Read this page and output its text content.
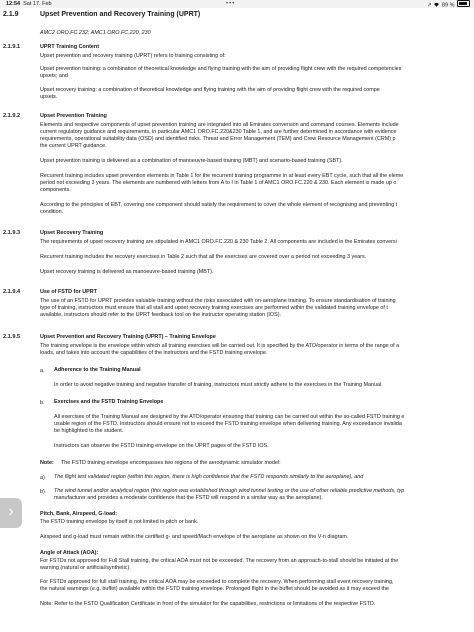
12:54 Sat 17. Feb	•••	➚ 89 %
2.1.9	Upset Prevention and Recovery Training (UPRT)
AMC2 ORO.FC.232; AMC1 ORO.FC.220, 230
2.1.9.1	UPRT Training Content
Upset prevention and recovery training (UPRT) refers to training consisting of:
Upset prevention training: a combination of theoretical knowledge and flying training with the aim of providing flight crew with the required competencies
upsets; and
Upset recovery training: a combination of theoretical knowledge and flying training with the aim of providing flight crew with the required compe
upsets.
2.1.9.2	Upset Prevention Training
Elements and respective components of upset prevention training are integrated into all Emirates conversion and command courses. Elements include
current regulatory guidance and requirements, in particular AMC1 ORO.FC.220&230 Table 1, and are further determined in accordance with evidence
requirements, operational suitability data (OSD) and identified risks. Threat and Error Management (TEM) and Crew Resource Management (CRM) p
the current UPRT guidance.
Upset prevention training is delivered as a combination of manoeuvre-based training (MBT) and scenario-based training (SBT).
Recurrent training includes upset prevention elements in Table 1 for the recurrent training programme in at least every EBT cycle, such that all the eleme
period not exceeding 3 years. The elements are numbered with letters from A to I in Table 1 of AMC1 ORO.FC.220 & 230. Each element is made up o
components.
According to the principles of EBT, covering one component should satisfy the requirement to cover the whole element of recognising and preventing t
condition.
2.1.9.3	Upset Recovery Training
The requirements of upset recovery training are stipulated in AMC1 ORO.FC.220 & 230 Table 2. All components are included in the Emirates conversi
Recurrent training includes the recovery exercises in Table 2 such that all the exercises are covered over a period not exceeding 3 years.
Upset recovery training is delivered as manoeuvre-based training (MBT).
2.1.9.4	Use of FSTD for UPRT
The use of an FSTD for UPRT provides valuable training without the risks associated with on-aeroplane training. To ensure standardisation of training
type of training, instructors must ensure that all stall and upset recovery training exercises are performed within the validated training envelope of t
available, instructors should refer to the UPRT feedback tool on the instructor operating station (IOS).
2.1.9.5	Upset Prevention and Recovery Training (UPRT) – Training Envelope
The training envelope is the envelope within which all training exercises will be carried out. It is specified by the ATO/operator in terms of the range of a
loads, and takes into account the capabilities of the instructors and the FSTD training envelope.
a. Adherence to the Training Manual
In order to avoid negative training and negative transfer of training, instructors must strictly adhere to the exercises in the Training Manual.
b. Exercises and the FSTD Training Envelope
All exercises of the Training Manual are designed by the ATO/operator ensuring that training can be carried out within the so-called FSTD training e
usable region of the FSTD. Instructors should ensure not to exceed the FSTD training envelope when delivering training. Any exceedance invalida
be highlighted to the student.
Instructors can observe the FSTD training envelope on the UPRT pages of the FSTD IOS.
Note: The FSTD training envelope encompasses two regions of the aerodynamic simulator model:
a) The flight test validated region (within this region, there is high confidence that the FSTD responds similarly to the aeroplane), and
b) The wind tunnel and/or analytical region (this region was established through wind tunnel testing or the use of other reliable predictive methods, typ
manufacturer and provides a moderate confidence that the FSTD will respond in a similar way as the aeroplane).
Pitch, Bank, Airspeed, G-load:
The FSTD training envelope by itself is not limited in pitch or bank.
Airspeed and g-load must remain within the certified g- and speed/Mach envelope of the aeroplane as shown on the V-n diagram.
Angle of Attack (AOA):
For FSTDs not approved for Full Stall training, the critical AOA must not be exceeded. The recovery from an approach-to-stall should be initiated at the
warning (natural or artificial/synthetic).
For FSTDs approved for full stall training, the critical AOA may be exceeded to complete the recovery. When performing stall event recovery training,
the natural warnings (e.g. buffet) available within the FSTD training envelope. Prolonged flight in the buffet should be avoided as it may exceed the
Note: Refer to the FSTD Qualification Certificate in front of the simulator for the capabilities, restrictions or limitations of the respective FSTD.
›
